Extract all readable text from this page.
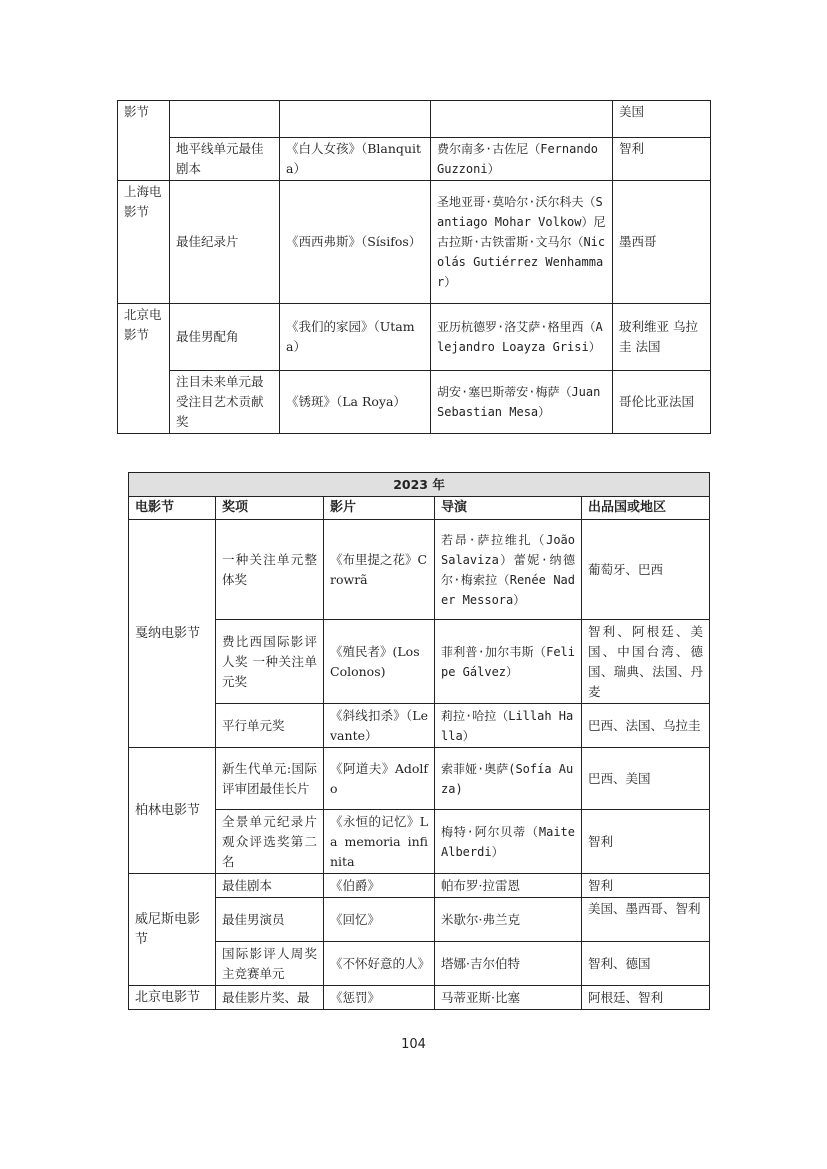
影节				美国
	地平线单元最佳剧本	《白人女孩》（Blanquita）	费尔南多·古佐尼（Fernando Guzzoni）	智利
上海电影节	最佳纪录片	《西西弗斯》（Sísifos）	圣地亚哥·莫哈尔·沃尔科夫（Santiago Mohar Volkow）尼古拉斯·古铁雷斯·文马尔（Nicolás Gutiérrez Wenhammar）	墨西哥
北京电影节	最佳男配角	《我们的家园》（Utama）	亚历杭德罗·洛艾萨·格里西（Alejandro Loayza Grisi）	玻利维亚 乌拉圭 法国
	注目未来单元最受注目艺术贡献奖	《锈斑》（La Roya）	胡安·塞巴斯蒂安·梅萨（Juan Sebastian Mesa）	哥伦比亚法国
2023 年				
电影节	奖项	影片	导演	出品国或地区
戛纳电影节	一种关注单元整体奖	《布里提之花》Crowrã	若昂·萨拉维扎（João Salaviza）蕾妮·纳德尔·梅索拉（Renée Nader Messora）	葡萄牙、巴西
	费比西国际影评人奖 一种关注单元奖	《殖民者》(Los Colonos)	菲利普·加尔韦斯（Felipe Gálvez）	智利、阿根廷、美国、中国台湾、德国、瑞典、法国、丹麦
	平行单元奖	《斜线扣杀》（Levante）	莉拉·哈拉（Lillah Halla）	巴西、法国、乌拉圭
柏林电影节	新生代单元:国际评审团最佳长片	《阿道夫》Adolfo	索菲娅·奥萨(Sofía Auza)	巴西、美国
	全景单元纪录片观众评选奖第二名	《永恒的记忆》La memoria infinita	梅特·阿尔贝蒂（Maite Alberdi）	智利
威尼斯电影节	最佳剧本	《伯爵》	帕布罗·拉雷恩	智利
	最佳男演员	《回忆》	米歇尔·弗兰克	美国、墨西哥、智利
	国际影评人周奖 主竞赛单元	《不怀好意的人》	塔娜·吉尔伯特	智利、德国
北京电影节	最佳影片奖、最	《惩罚》	马蒂亚斯·比塞	阿根廷、智利
104
